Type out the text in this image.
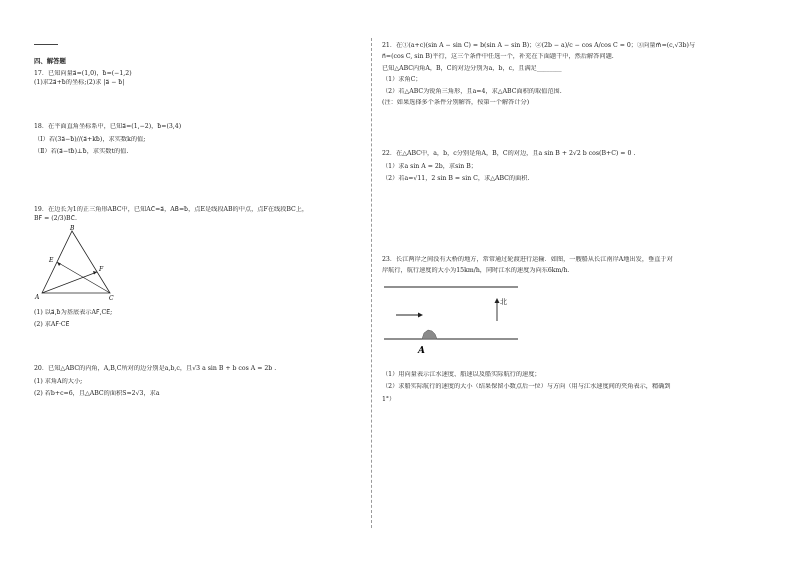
四、解答题
17．已知向量a⃗=(1,0)，b⃗=(−1,2)
(1)求2a⃗+b⃗的坐标;(2)求 |a⃗ − b⃗|
18．在平面直角坐标系中，已知a⃗=(1,−2)，b⃗=(3,4)
（Ⅰ）若(3a⃗−b⃗)//(a⃗+kb⃗)，求实数k的值;
（Ⅱ）若(a⃗−tb⃗)⊥b⃗，求实数t的值.
19．在边长为1的正三角形ABC中，已知AC⃗=a⃗，AB⃗=b⃗，点E是线段AB的中点，点F在线段BC上，
BF⃗ = (2/3)BC⃗.
B
E
F
A	C
(1) 以a⃗,b⃗为基底表示AF⃗,CE⃗;
(2) 求AF⃗·CE⃗
20．已知△ABC的内角，A,B,C所对的边分别是a,b,c，且√3 a sin B + b cos A = 2b .
(1) 求角A的大小;
(2) 若b+c=6，且△ABC的面积S=2√3，求a
21．在①(a+c)(sin A − sin C) = b(sin A − sin B)；②(2b − a)/c − cos A/cos C = 0；③向量m⃗=(c,√3b)与
n⃗=(cos C, sin B)平行，这三个条件中任选一个，补充在下面题干中，然后解答问题.
已知△ABC内角A，B，C的对边分别为a，b，c，且满足________
（1）求角C；
（2）若△ABC为锐角三角形，且a=4，求△ABC面积的取值范围.
(注：如果选择多个条件分别解答，按第一个解答计分)
22．在△ABC中，a，b，c分别是角A，B，C的对边，且a sin B + 2√2 b cos(B+C) = 0 .
（1）求a sin A = 2b，求sin B；
（2）若a=√11，2 sin B = sin C，求△ABC的面积.
23．长江两岸之间没有大桥的地方，常常通过轮渡进行运输．如图，一艘船从长江南岸A地出发，垂直于对
岸航行，航行速度的大小为15km/h，同时江水的速度为向东6km/h．
北
A
（1）用向量表示江水速度、船速以及船实际航行的速度；
（2）求船实际航行的速度的大小（结果保留小数点后一位）与方向（用与江水速度间的夹角表示，精确到
1°）
